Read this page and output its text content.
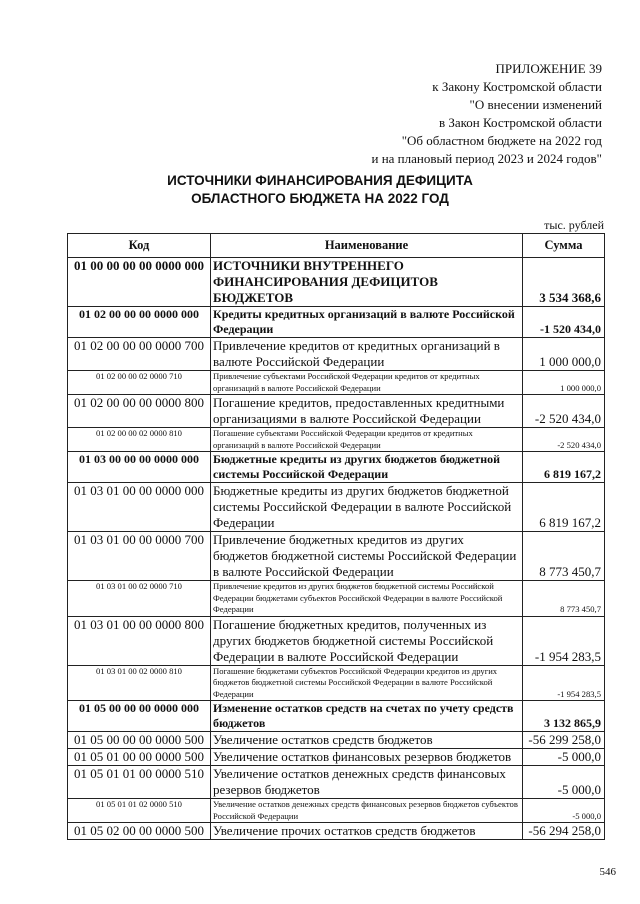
ПРИЛОЖЕНИЕ 39
к Закону Костромской области
"О внесении изменений
в Закон Костромской области
"Об областном бюджете на 2022 год
и на плановый период 2023 и 2024 годов"
ИСТОЧНИКИ ФИНАНСИРОВАНИЯ ДЕФИЦИТА
ОБЛАСТНОГО БЮДЖЕТА НА 2022 ГОД
тыс. рублей
Код	Наименование	Сумма
01 00 00 00 00 0000 000	ИСТОЧНИКИ ВНУТРЕННЕГО ФИНАНСИРОВАНИЯ ДЕФИЦИТОВ БЮДЖЕТОВ	3 534 368,6
01 02 00 00 00 0000 000	Кредиты кредитных организаций в валюте Российской Федерации	-1 520 434,0
01 02 00 00 00 0000 700	Привлечение кредитов от кредитных организаций в валюте Российской Федерации	1 000 000,0
01 02 00 00 02 0000 710	Привлечение субъектами Российской Федерации кредитов от кредитных организаций в валюте Российской Федерации	1 000 000,0
01 02 00 00 00 0000 800	Погашение кредитов, предоставленных кредитными организациями в валюте Российской Федерации	-2 520 434,0
01 02 00 00 02 0000 810	Погашение субъектами Российской Федерации кредитов от кредитных организаций в валюте Российской Федерации	-2 520 434,0
01 03 00 00 00 0000 000	Бюджетные кредиты из других бюджетов бюджетной системы Российской Федерации	6 819 167,2
01 03 01 00 00 0000 000	Бюджетные кредиты из других бюджетов бюджетной системы Российской Федерации в валюте Российской Федерации	6 819 167,2
01 03 01 00 00 0000 700	Привлечение бюджетных кредитов из других бюджетов бюджетной системы Российской Федерации в валюте Российской Федерации	8 773 450,7
01 03 01 00 02 0000 710	Привлечение кредитов из других бюджетов бюджетной системы Российской Федерации бюджетами субъектов Российской Федерации в валюте Российской Федерации	8 773 450,7
01 03 01 00 00 0000 800	Погашение бюджетных кредитов, полученных из других бюджетов бюджетной системы Российской Федерации в валюте Российской Федерации	-1 954 283,5
01 03 01 00 02 0000 810	Погашение бюджетами субъектов Российской Федерации кредитов из других бюджетов бюджетной системы Российской Федерации в валюте Российской Федерации	-1 954 283,5
01 05 00 00 00 0000 000	Изменение остатков средств на счетах по учету средств бюджетов	3 132 865,9
01 05 00 00 00 0000 500	Увеличение остатков средств бюджетов	-56 299 258,0
01 05 01 00 00 0000 500	Увеличение остатков финансовых резервов бюджетов	-5 000,0
01 05 01 01 00 0000 510	Увеличение остатков денежных средств финансовых резервов бюджетов	-5 000,0
01 05 01 01 02 0000 510	Увеличение остатков денежных средств финансовых резервов бюджетов субъектов Российской Федерации	-5 000,0
01 05 02 00 00 0000 500	Увеличение прочих остатков средств бюджетов	-56 294 258,0
546
